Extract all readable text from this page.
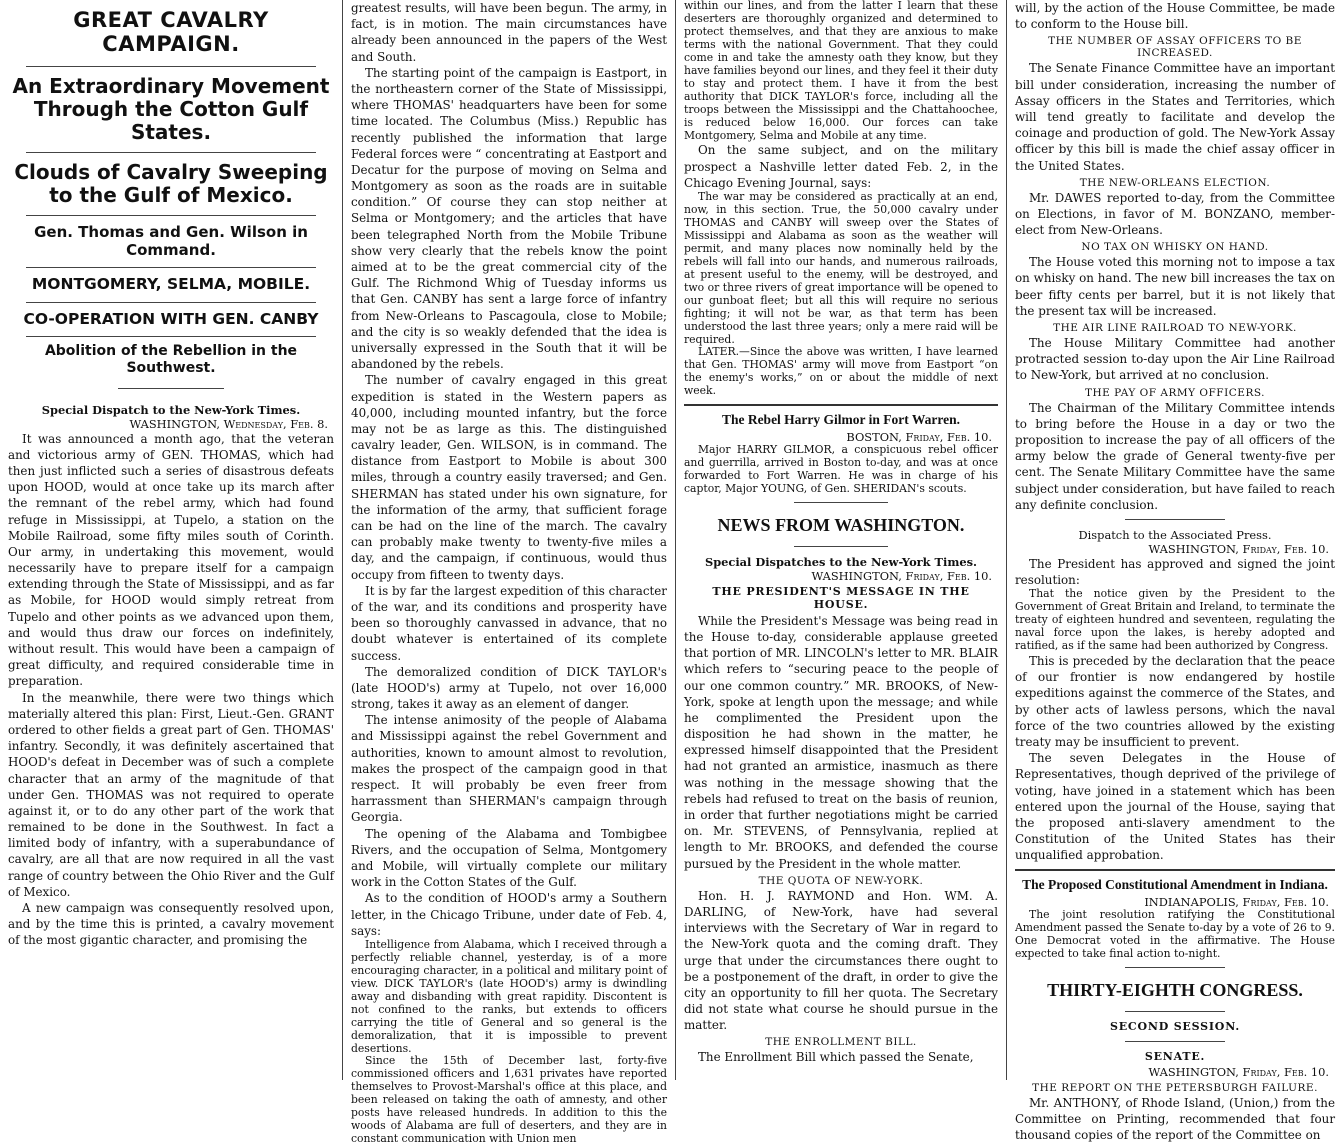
GREAT CAVALRY CAMPAIGN.
An Extraordinary Movement Through the Cotton Gulf States.
Clouds of Cavalry Sweeping to the Gulf of Mexico.
Gen. Thomas and Gen. Wilson in Command.
MONTGOMERY, SELMA, MOBILE.
CO-OPERATION WITH GEN. CANBY
Abolition of the Rebellion in the Southwest.
Special Dispatch to the New-York Times.
WASHINGTON, Wednesday, Feb. 8.

It was announced a month ago, that the veteran and victorious army of GEN. THOMAS, which had then just inflicted such a series of disastrous defeats upon HOOD, would at once take up its march after the remnant of the rebel army, which had found refuge in Mississippi, at Tupelo, a station on the Mobile Railroad, some fifty miles south of Corinth. Our army, in undertaking this movement, would necessarily have to prepare itself for a campaign extending through the State of Mississippi, and as far as Mobile, for HOOD would simply retreat from Tupelo and other points as we advanced upon them, and would thus draw our forces on indefinitely, without result. This would have been a campaign of great difficulty, and required considerable time in preparation.

In the meanwhile, there were two things which materially altered this plan: First, Lieut.-Gen. GRANT ordered to other fields a great part of Gen. THOMAS' infantry. Secondly, it was definitely ascertained that HOOD's defeat in December was of such a complete character that an army of the magnitude of that under Gen. THOMAS was not required to operate against it, or to do any other part of the work that remained to be done in the Southwest. In fact a limited body of infantry, with a superabundance of cavalry, are all that are now required in all the vast range of country between the Ohio River and the Gulf of Mexico.

A new campaign was consequently resolved upon, and by the time this is printed, a cavalry movement of the most gigantic character, and promising the

greatest results, will have been begun. The army, in fact, is in motion. The main circumstances have already been announced in the papers of the West and South.

The starting point of the campaign is Eastport, in the northeastern corner of the State of Mississippi, where THOMAS' headquarters have been for some time located. The Columbus (Miss.) Republic has recently published the information that large Federal forces were “ concentrating at Eastport and Decatur for the purpose of moving on Selma and Montgomery as soon as the roads are in suitable condition.” Of course they can stop neither at Selma or Montgomery; and the articles that have been telegraphed North from the Mobile Tribune show very clearly that the rebels know the point aimed at to be the great commercial city of the Gulf. The Richmond Whig of Tuesday informs us that Gen. CANBY has sent a large force of infantry from New-Orleans to Pascagoula, close to Mobile; and the city is so weakly defended that the idea is universally expressed in the South that it will be abandoned by the rebels.

The number of cavalry engaged in this great expedition is stated in the Western papers as 40,000, including mounted infantry, but the force may not be as large as this. The distinguished cavalry leader, Gen. WILSON, is in command. The distance from Eastport to Mobile is about 300 miles, through a country easily traversed; and Gen. SHERMAN has stated under his own signature, for the information of the army, that sufficient forage can be had on the line of the march. The cavalry can probably make twenty to twenty-five miles a day, and the campaign, if continuous, would thus occupy from fifteen to twenty days.

It is by far the largest expedition of this character of the war, and its conditions and prosperity have been so thoroughly canvassed in advance, that no doubt whatever is entertained of its complete success.

The demoralized condition of DICK TAYLOR's (late HOOD's) army at Tupelo, not over 16,000 strong, takes it away as an element of danger.

The intense animosity of the people of Alabama and Mississippi against the rebel Government and authorities, known to amount almost to revolution, makes the prospect of the campaign good in that respect. It will probably be even freer from harrassment than SHERMAN's campaign through Georgia.

The opening of the Alabama and Tombigbee Rivers, and the occupation of Selma, Montgomery and Mobile, will virtually complete our military work in the Cotton States of the Gulf.

As to the condition of HOOD's army a Southern letter, in the Chicago Tribune, under date of Feb. 4, says:

Intelligence from Alabama, which I received through a perfectly reliable channel, yesterday, is of a more encouraging character, in a political and military point of view. DICK TAYLOR's (late HOOD's) army is dwindling away and disbanding with great rapidity. Discontent is not confined to the ranks, but extends to officers carrying the title of General and so general is the demoralization, that it is impossible to prevent desertions.

Since the 15th of December last, forty-five commissioned officers and 1,631 privates have reported themselves to Provost-Marshal's office at this place, and been released on taking the oath of amnesty, and other posts have released hundreds. In addition to this the woods of Alabama are full of deserters, and they are in constant communication with Union men

within our lines, and from the latter I learn that these deserters are thoroughly organized and determined to protect themselves, and that they are anxious to make terms with the national Government. That they could come in and take the amnesty oath they know, but they have families beyond our lines, and they feel it their duty to stay and protect them. I have it from the best authority that DICK TAYLOR's force, including all the troops between the Mississippi and the Chattahoochee, is reduced below 16,000. Our forces can take Montgomery, Selma and Mobile at any time.

On the same subject, and on the military prospect a Nashville letter dated Feb. 2, in the Chicago Evening Journal, says:

The war may be considered as practically at an end, now, in this section. True, the 50,000 cavalry under THOMAS and CANBY will sweep over the States of Mississippi and Alabama as soon as the weather will permit, and many places now nominally held by the rebels will fall into our hands, and numerous railroads, at present useful to the enemy, will be destroyed, and two or three rivers of great importance will be opened to our gunboat fleet; but all this will require no serious fighting; it will not be war, as that term has been understood the last three years; only a mere raid will be required.

LATER.—Since the above was written, I have learned that Gen. THOMAS' army will move from Eastport “on the enemy's works,” on or about the middle of next week.

The Rebel Harry Gilmor in Fort Warren.
BOSTON, Friday, Feb. 10.

Major HARRY GILMOR, a conspicuous rebel officer and guerrilla, arrived in Boston to-day, and was at once forwarded to Fort Warren. He was in charge of his captor, Major YOUNG, of Gen. SHERIDAN's scouts.

NEWS FROM WASHINGTON.
Special Dispatches to the New-York Times.
WASHINGTON, Friday, Feb. 10.
THE PRESIDENT'S MESSAGE IN THE HOUSE.

While the President's Message was being read in the House to-day, considerable applause greeted that portion of MR. LINCOLN's letter to MR. BLAIR which refers to “securing peace to the people of our one common country.” MR. BROOKS, of New-York, spoke at length upon the message; and while he complimented the President upon the disposition he had shown in the matter, he expressed himself disappointed that the President had not granted an armistice, inasmuch as there was nothing in the message showing that the rebels had refused to treat on the basis of reunion, in order that further negotiations might be carried on. Mr. STEVENS, of Pennsylvania, replied at length to Mr. BROOKS, and defended the course pursued by the President in the whole matter.

THE QUOTA OF NEW-YORK.

Hon. H. J. RAYMOND and Hon. WM. A. DARLING, of New-York, have had several interviews with the Secretary of War in regard to the New-York quota and the coming draft. They urge that under the circumstances there ought to be a postponement of the draft, in order to give the city an opportunity to fill her quota. The Secretary did not state what course he should pursue in the matter.

THE ENROLLMENT BILL.

The Enrollment Bill which passed the Senate,

will, by the action of the House Committee, be made to conform to the House bill.

THE NUMBER OF ASSAY OFFICERS TO BE INCREASED.

The Senate Finance Committee have an important bill under consideration, increasing the number of Assay officers in the States and Territories, which will tend greatly to facilitate and develop the coinage and production of gold. The New-York Assay officer by this bill is made the chief assay officer in the United States.

THE NEW-ORLEANS ELECTION.

Mr. DAWES reported to-day, from the Committee on Elections, in favor of M. BONZANO, member-elect from New-Orleans.

NO TAX ON WHISKY ON HAND.

The House voted this morning not to impose a tax on whisky on hand. The new bill increases the tax on beer fifty cents per barrel, but it is not likely that the present tax will be increased.

THE AIR LINE RAILROAD TO NEW-YORK.

The House Military Committee had another protracted session to-day upon the Air Line Railroad to New-York, but arrived at no conclusion.

THE PAY OF ARMY OFFICERS.

The Chairman of the Military Committee intends to bring before the House in a day or two the proposition to increase the pay of all officers of the army below the grade of General twenty-five per cent. The Senate Military Committee have the same subject under consideration, but have failed to reach any definite conclusion.

Dispatch to the Associated Press.
WASHINGTON, Friday, Feb. 10.

The President has approved and signed the joint resolution:

That the notice given by the President to the Government of Great Britain and Ireland, to terminate the treaty of eighteen hundred and seventeen, regulating the naval force upon the lakes, is hereby adopted and ratified, as if the same had been authorized by Congress.

This is preceded by the declaration that the peace of our frontier is now endangered by hostile expeditions against the commerce of the States, and by other acts of lawless persons, which the naval force of the two countries allowed by the existing treaty may be insufficient to prevent.

The seven Delegates in the House of Representatives, though deprived of the privilege of voting, have joined in a statement which has been entered upon the journal of the House, saying that the proposed anti-slavery amendment to the Constitution of the United States has their unqualified approbation.

The Proposed Constitutional Amendment in Indiana.
INDIANAPOLIS, Friday, Feb. 10.

The joint resolution ratifying the Constitutional Amendment passed the Senate to-day by a vote of 26 to 9. One Democrat voted in the affirmative. The House expected to take final action to-night.

THIRTY-EIGHTH CONGRESS.
SECOND SESSION.
SENATE.
WASHINGTON, Friday, Feb. 10.
THE REPORT ON THE PETERSBURGH FAILURE.

Mr. ANTHONY, of Rhode Island, (Union,) from the Committee on Printing, recommended that four thousand copies of the report of the Committee on
